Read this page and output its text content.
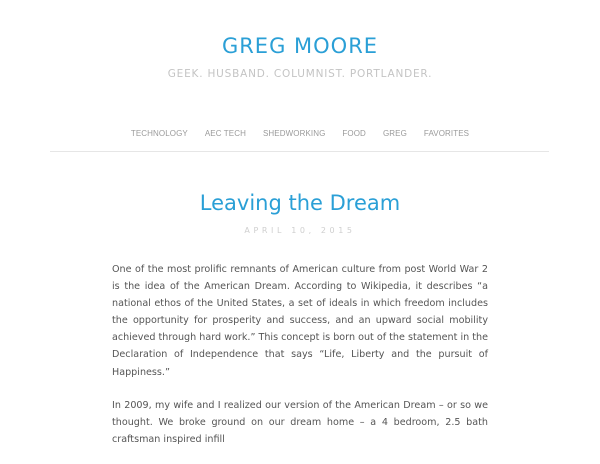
GREG MOORE

GEEK. HUSBAND. COLUMNIST. PORTLANDER.

TECHNOLOGY	AEC TECH	SHEDWORKING	FOOD	GREG	FAVORITES
Leaving the Dream
APRIL 10, 2015

One of the most prolific remnants of American culture from post World War 2 is the idea of the American Dream. According to Wikipedia, it describes “a national ethos of the United States, a set of ideals in which freedom includes the opportunity for prosperity and success, and an upward social mobility achieved through hard work.” This concept is born out of the statement in the Declaration of Independence that says “Life, Liberty and the pursuit of Happiness.”

In 2009, my wife and I realized our version of the American Dream – or so we thought. We broke ground on our dream home – a 4 bedroom, 2.5 bath craftsman inspired infill
